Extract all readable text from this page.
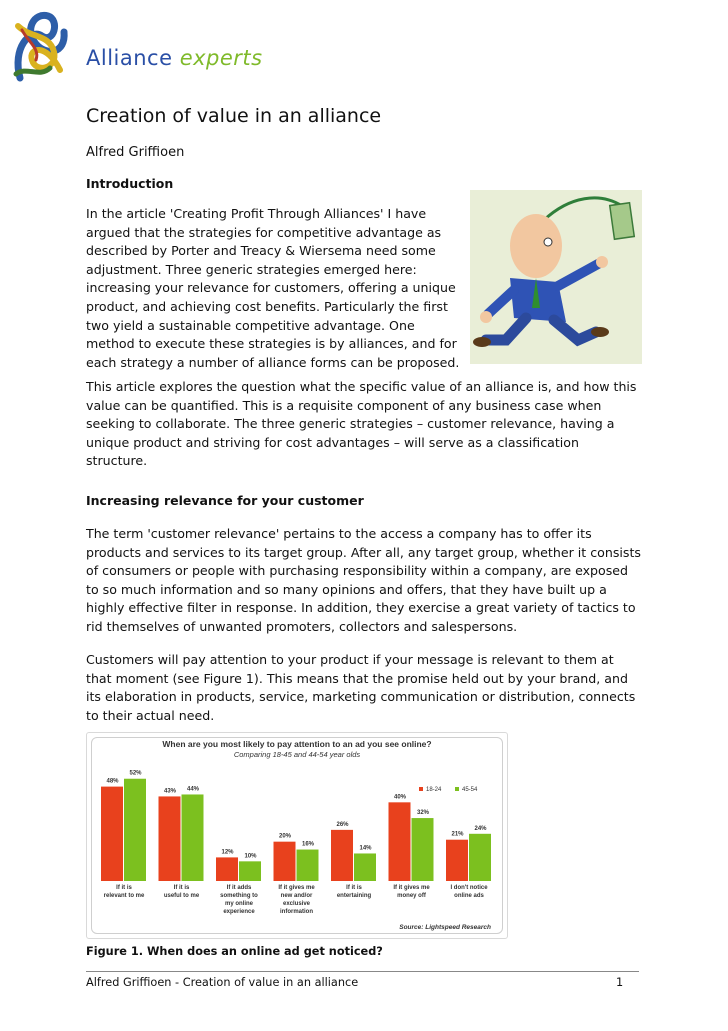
Alliance experts
Creation of value in an alliance
Alfred Griffioen
Introduction

In the article 'Creating Profit Through Alliances' I have argued that the strategies for competitive advantage as described by Porter and Treacy & Wiersema need some adjustment. Three generic strategies emerged here: increasing your relevance for customers, offering a unique product, and achieving cost benefits. Particularly the first two yield a sustainable competitive advantage. One method to execute these strategies is by alliances, and for each strategy a number of alliance forms can be proposed.

This article explores the question what the specific value of an alliance is, and how this value can be quantified. This is a requisite component of any business case when seeking to collaborate. The three generic strategies – customer relevance, having a unique product and striving for cost advantages – will serve as a classification structure.

Increasing relevance for your customer

The term 'customer relevance' pertains to the access a company has to offer its products and services to its target group. After all, any target group, whether it consists of consumers or people with purchasing responsibility within a company, are exposed to so much information and so many opinions and offers, that they have built up a highly effective filter in response. In addition, they exercise a great variety of tactics to rid themselves of unwanted promoters, collectors and salespersons.

Customers will pay attention to your product if your message is relevant to them at that moment (see Figure 1). This means that the promise held out by your brand, and its elaboration in products, service, marketing communication or distribution, connects to their actual need.

When are you most likely to pay attention to an ad you see online?
Comparing 18-45 and 44-54 year olds
Source: Lightspeed Research
18-24	45-54
48%
52%
43% 44%
12%
10%
20%
16%
26%
14%
40%
32%
21%
24%
If it is relevant to me
If it is useful to me
If it adds something to my online experience
If it gives me new and/or exclusive information
If it is entertaining
If it gives me money off
I don't notice online ads
Figure 1. When does an online ad get noticed?
Alfred Griffioen - Creation of value in an alliance	1
